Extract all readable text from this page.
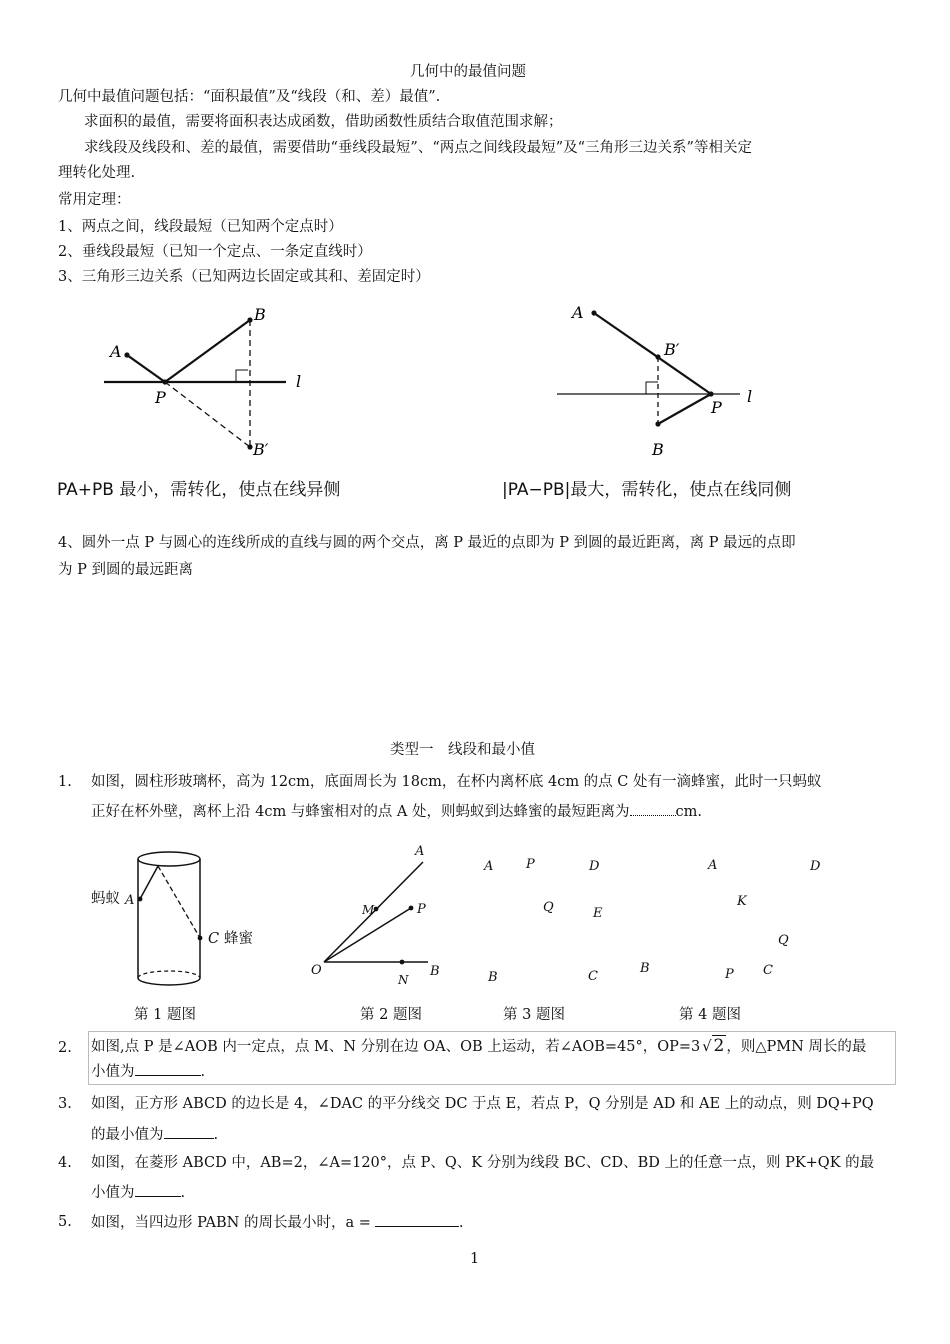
几何中的最值问题
几何中最值问题包括：“面积最值”及“线段（和、差）最值”.
求面积的最值，需要将面积表达成函数，借助函数性质结合取值范围求解；
求线段及线段和、差的最值，需要借助“垂线段最短”、“两点之间线段最短”及“三角形三边关系”等相关定
理转化处理.
常用定理：
1、两点之间，线段最短（已知两个定点时）
2、垂线段最短（已知一个定点、一条定直线时）
3、三角形三边关系（已知两边长固定或其和、差固定时）
A
B
P
B′
l
PA+PB 最小，需转化，使点在线异侧
A
B′
P
B
l
|PA−PB|最大，需转化，使点在线同侧
4、圆外一点 P 与圆心的连线所成的直线与圆的两个交点，离 P 最近的点即为 P 到圆的最近距离，离 P 最远的点即
为 P 到圆的最远距离
类型一　线段和最小值
1. 如图，圆柱形玻璃杯，高为 12cm，底面周长为 18cm，在杯内离杯底 4cm 的点 C 处有一滴蜂蜜，此时一只蚂蚁
正好在杯外壁，离杯上沿 4cm 与蜂蜜相对的点 A 处，则蚂蚁到达蜂蜜的最短距离为	cm.
蚂蚁 A
C 蜂蜜
A
M	P
O
N
B
A	P	D
Q	E
B	C
B
A	D
K
Q
P C
第 1 题图	第 2 题图	第 3 题图	第 4 题图
2. 如图,点 P 是∠AOB 内一定点，点 M、N 分别在边 OA、OB 上运动，若∠AOB=45°，OP=3 √ 2 ，则△PMN 周长的最
小值为	.
3. 如图，正方形 ABCD 的边长是 4，∠DAC 的平分线交 DC 于点 E，若点 P，Q 分别是 AD 和 AE 上的动点，则 DQ+PQ
的最小值为	.
4. 如图，在菱形 ABCD 中，AB=2，∠A=120°，点 P、Q、K 分别为线段 BC、CD、BD 上的任意一点，则 PK+QK 的最
小值为	.
5. 如图，当四边形 PABN 的周长最小时，a =	.
1
